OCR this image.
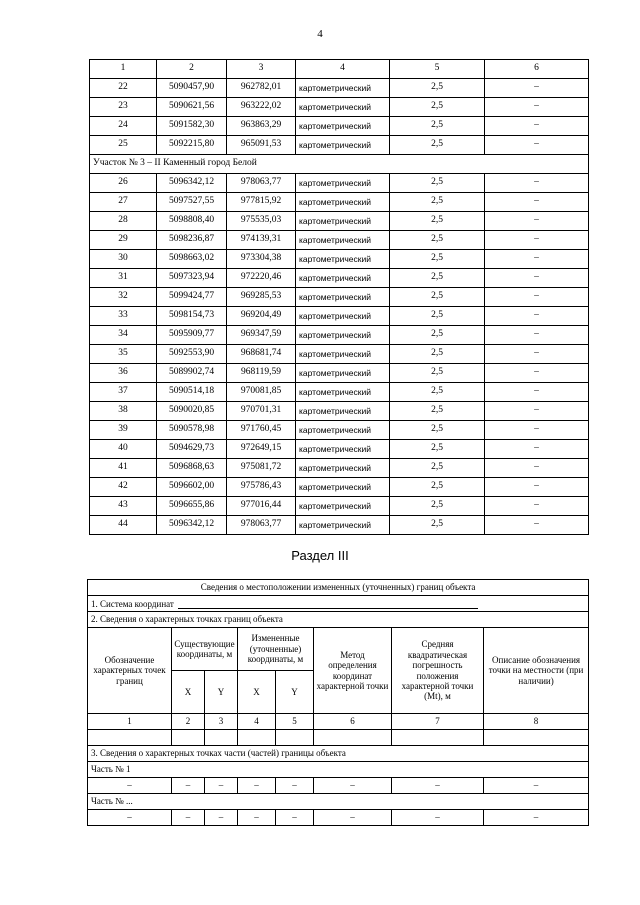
4
1	2	3	4	5	6
22	5090457,90	962782,01	картометрический	2,5	–
23	5090621,56	963222,02	картометрический	2,5	–
24	5091582,30	963863,29	картометрический	2,5	–
25	5092215,80	965091,53	картометрический	2,5	–
Участок № 3 – II Каменный город Белой					
26	5096342,12	978063,77	картометрический	2,5	–
27	5097527,55	977815,92	картометрический	2,5	–
28	5098808,40	975535,03	картометрический	2,5	–
29	5098236,87	974139,31	картометрический	2,5	–
30	5098663,02	973304,38	картометрический	2,5	–
31	5097323,94	972220,46	картометрический	2,5	–
32	5099424,77	969285,53	картометрический	2,5	–
33	5098154,73	969204,49	картометрический	2,5	–
34	5095909,77	969347,59	картометрический	2,5	–
35	5092553,90	968681,74	картометрический	2,5	–
36	5089902,74	968119,59	картометрический	2,5	–
37	5090514,18	970081,85	картометрический	2,5	–
38	5090020,85	970701,31	картометрический	2,5	–
39	5090578,98	971760,45	картометрический	2,5	–
40	5094629,73	972649,15	картометрический	2,5	–
41	5096868,63	975081,72	картометрический	2,5	–
42	5096602,00	975786,43	картометрический	2,5	–
43	5096655,86	977016,44	картометрический	2,5	–
44	5096342,12	978063,77	картометрический	2,5	–
Раздел III
Сведения о местоположении измененных (уточненных) границ объекта							
1. Система координат							
2. Сведения о характерных точках границ объекта							
Обозначение характерных точек границ	Существующие координаты, м		Измененные (уточненные) координаты, м		Метод определения координат характерной точки	Средняя квадратическая погрешность положения характерной точки (Mt), м	Описание обозначения точки на местности (при наличии)
	X	Y	X	Y			
1	2	3	4	5	6	7	8

3. Сведения о характерных точках части (частей) границы объекта							
Часть № 1							
–	–	–	–	–	–	–	–
Часть № ...							
–	–	–	–	–	–	–	–
